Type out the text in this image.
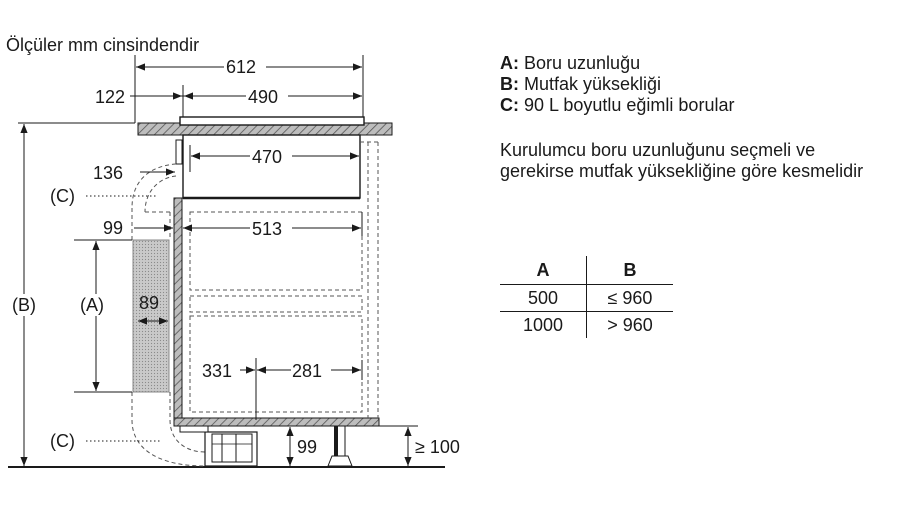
Ölçüler mm cinsindendir
612
122	490
470
136
(C)
99	513
(B) (A) 89
331	281
(C)	99	≥ 100
A: Boru uzunluğu
B: Mutfak yüksekliği
C: 90 L boyutlu eğimli borular
Kurulumcu boru uzunluğunu seçmeli ve gerekirse mutfak yüksekliğine göre kesmelidir
A	B
500	≤ 960
1000	> 960
